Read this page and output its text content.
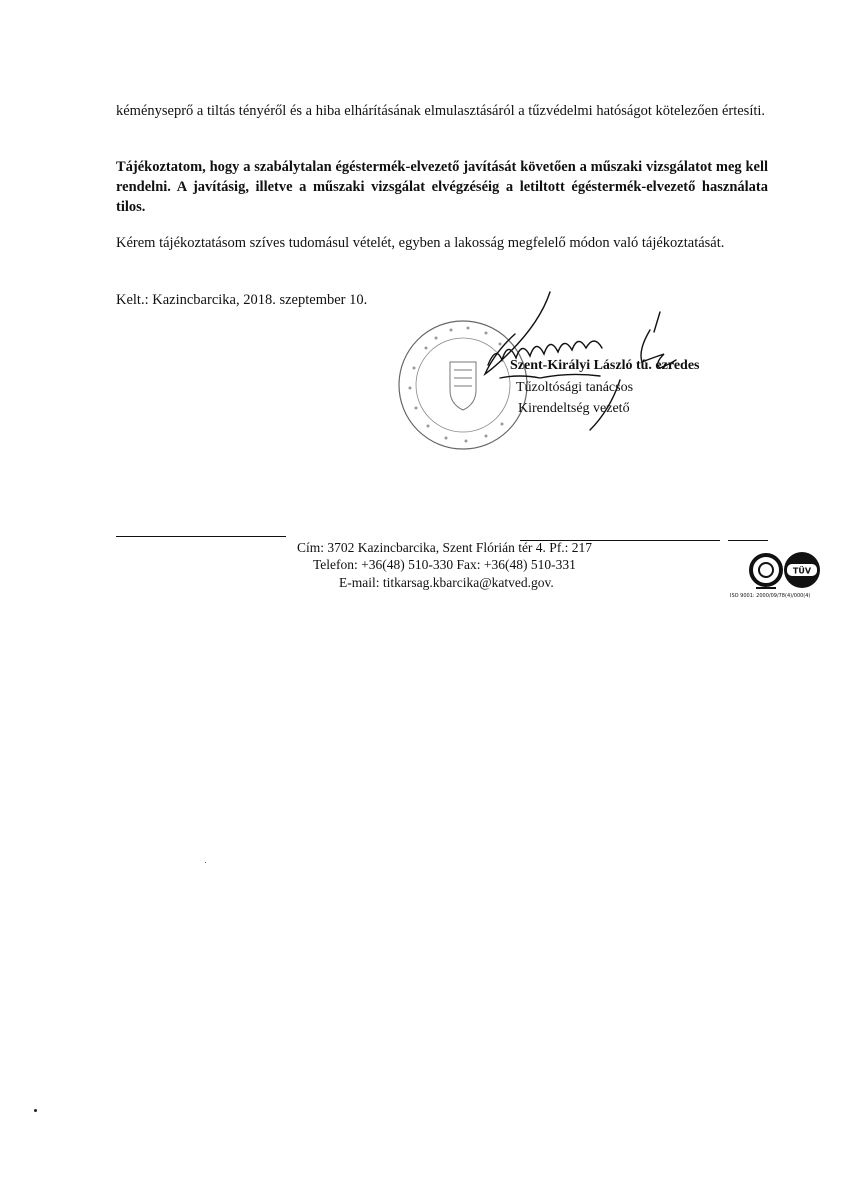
kéményseprő a tiltás tényéről és a hiba elhárításának elmulasztásáról a tűzvédelmi hatóságot kötelezően értesíti.
Tájékoztatom, hogy a szabálytalan égéstermék-elvezető javítását követően a műszaki vizsgálatot meg kell rendelni. A javításig, illetve a műszaki vizsgálat elvégzéséig a letiltott égéstermék-elvezető használata tilos.
Kérem tájékoztatásom szíves tudomásul vételét, egyben a lakosság megfelelő módon való tájékoztatását.
Kelt.: Kazincbarcika, 2018. szeptember 10.
Szent-Királyi László tű. ezredes
Tűzoltósági tanácsos
Kirendeltség vezető
Cím: 3702 Kazincbarcika, Szent Flórián tér 4. Pf.: 217
Telefon: +36(48) 510-330 Fax: +36(48) 510-331
E-mail: titkarsag.kbarcika@katved.gov.
TÜV
ISO 9001: 2000/09/78(4)/000(4)
